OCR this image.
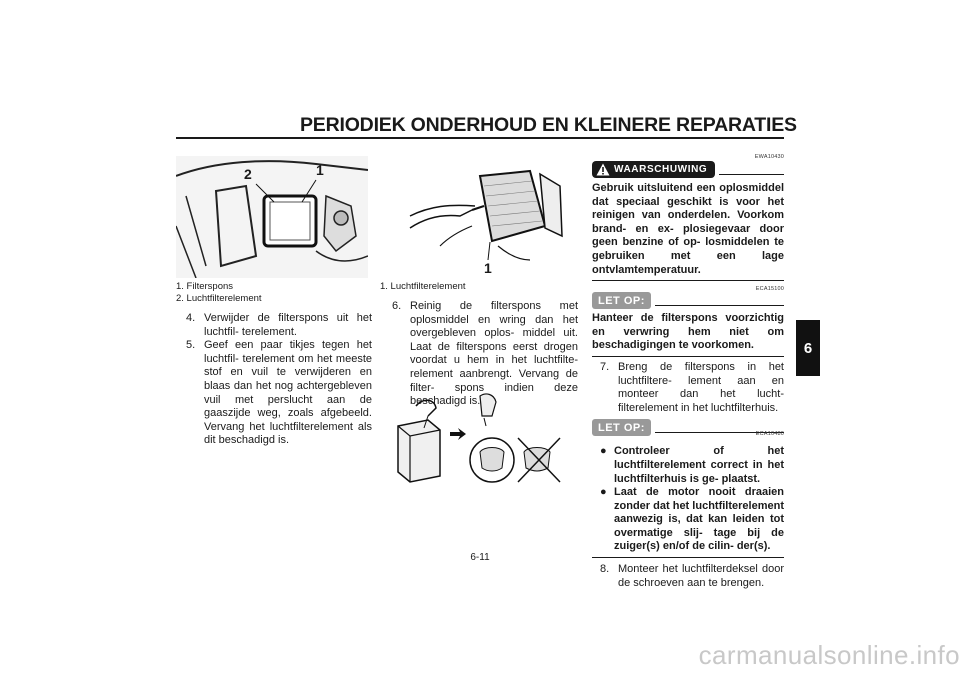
PERIODIEK ONDERHOUD EN KLEINERE REPARATIES
6
2	1
1. Filterspons
2. Luchtfilterelement
4. Verwijder de filterspons uit het luchtfil- terelement.
5. Geef een paar tikjes tegen het luchtfil- terelement om het meeste stof en vuil te verwijderen en blaas dan het nog achtergebleven vuil met perslucht aan de gaaszijde weg, zoals afgebeeld. Vervang het luchtfilterelement als dit beschadigd is.
1
1. Luchtfilterelement
6. Reinig de filterspons met oplosmiddel en wring dan het overgebleven oplos- middel uit. Laat de filterspons eerst drogen voordat u hem in het luchtfilte- relement aanbrengt. Vervang de filter- spons indien deze beschadigd is.
EWA10430
WAARSCHUWING
Gebruik uitsluitend een oplosmiddel dat speciaal geschikt is voor het reinigen van onderdelen. Voorkom brand- en ex- plosiegevaar door geen benzine of op- losmiddelen te gebruiken met een lage ontvlamtemperatuur.
ECA15100
LET OP:
Hanteer de filterspons voorzichtig en verwring hem niet om beschadigingen te voorkomen.
7. Breng de filterspons in het luchtfiltere- lement aan en monteer dan het lucht- filterelement in het luchtfilterhuis.
LET OP:
ECA10480
● Controleer of het luchtfilterelement correct in het luchtfilterhuis is ge- plaatst.
● Laat de motor nooit draaien zonder dat het luchtfilterelement aanwezig is, dat kan leiden tot overmatige slij- tage bij de zuiger(s) en/of de cilin- der(s).
8. Monteer het luchtfilterdeksel door de schroeven aan te brengen.
6-11
carmanualsonline.info
